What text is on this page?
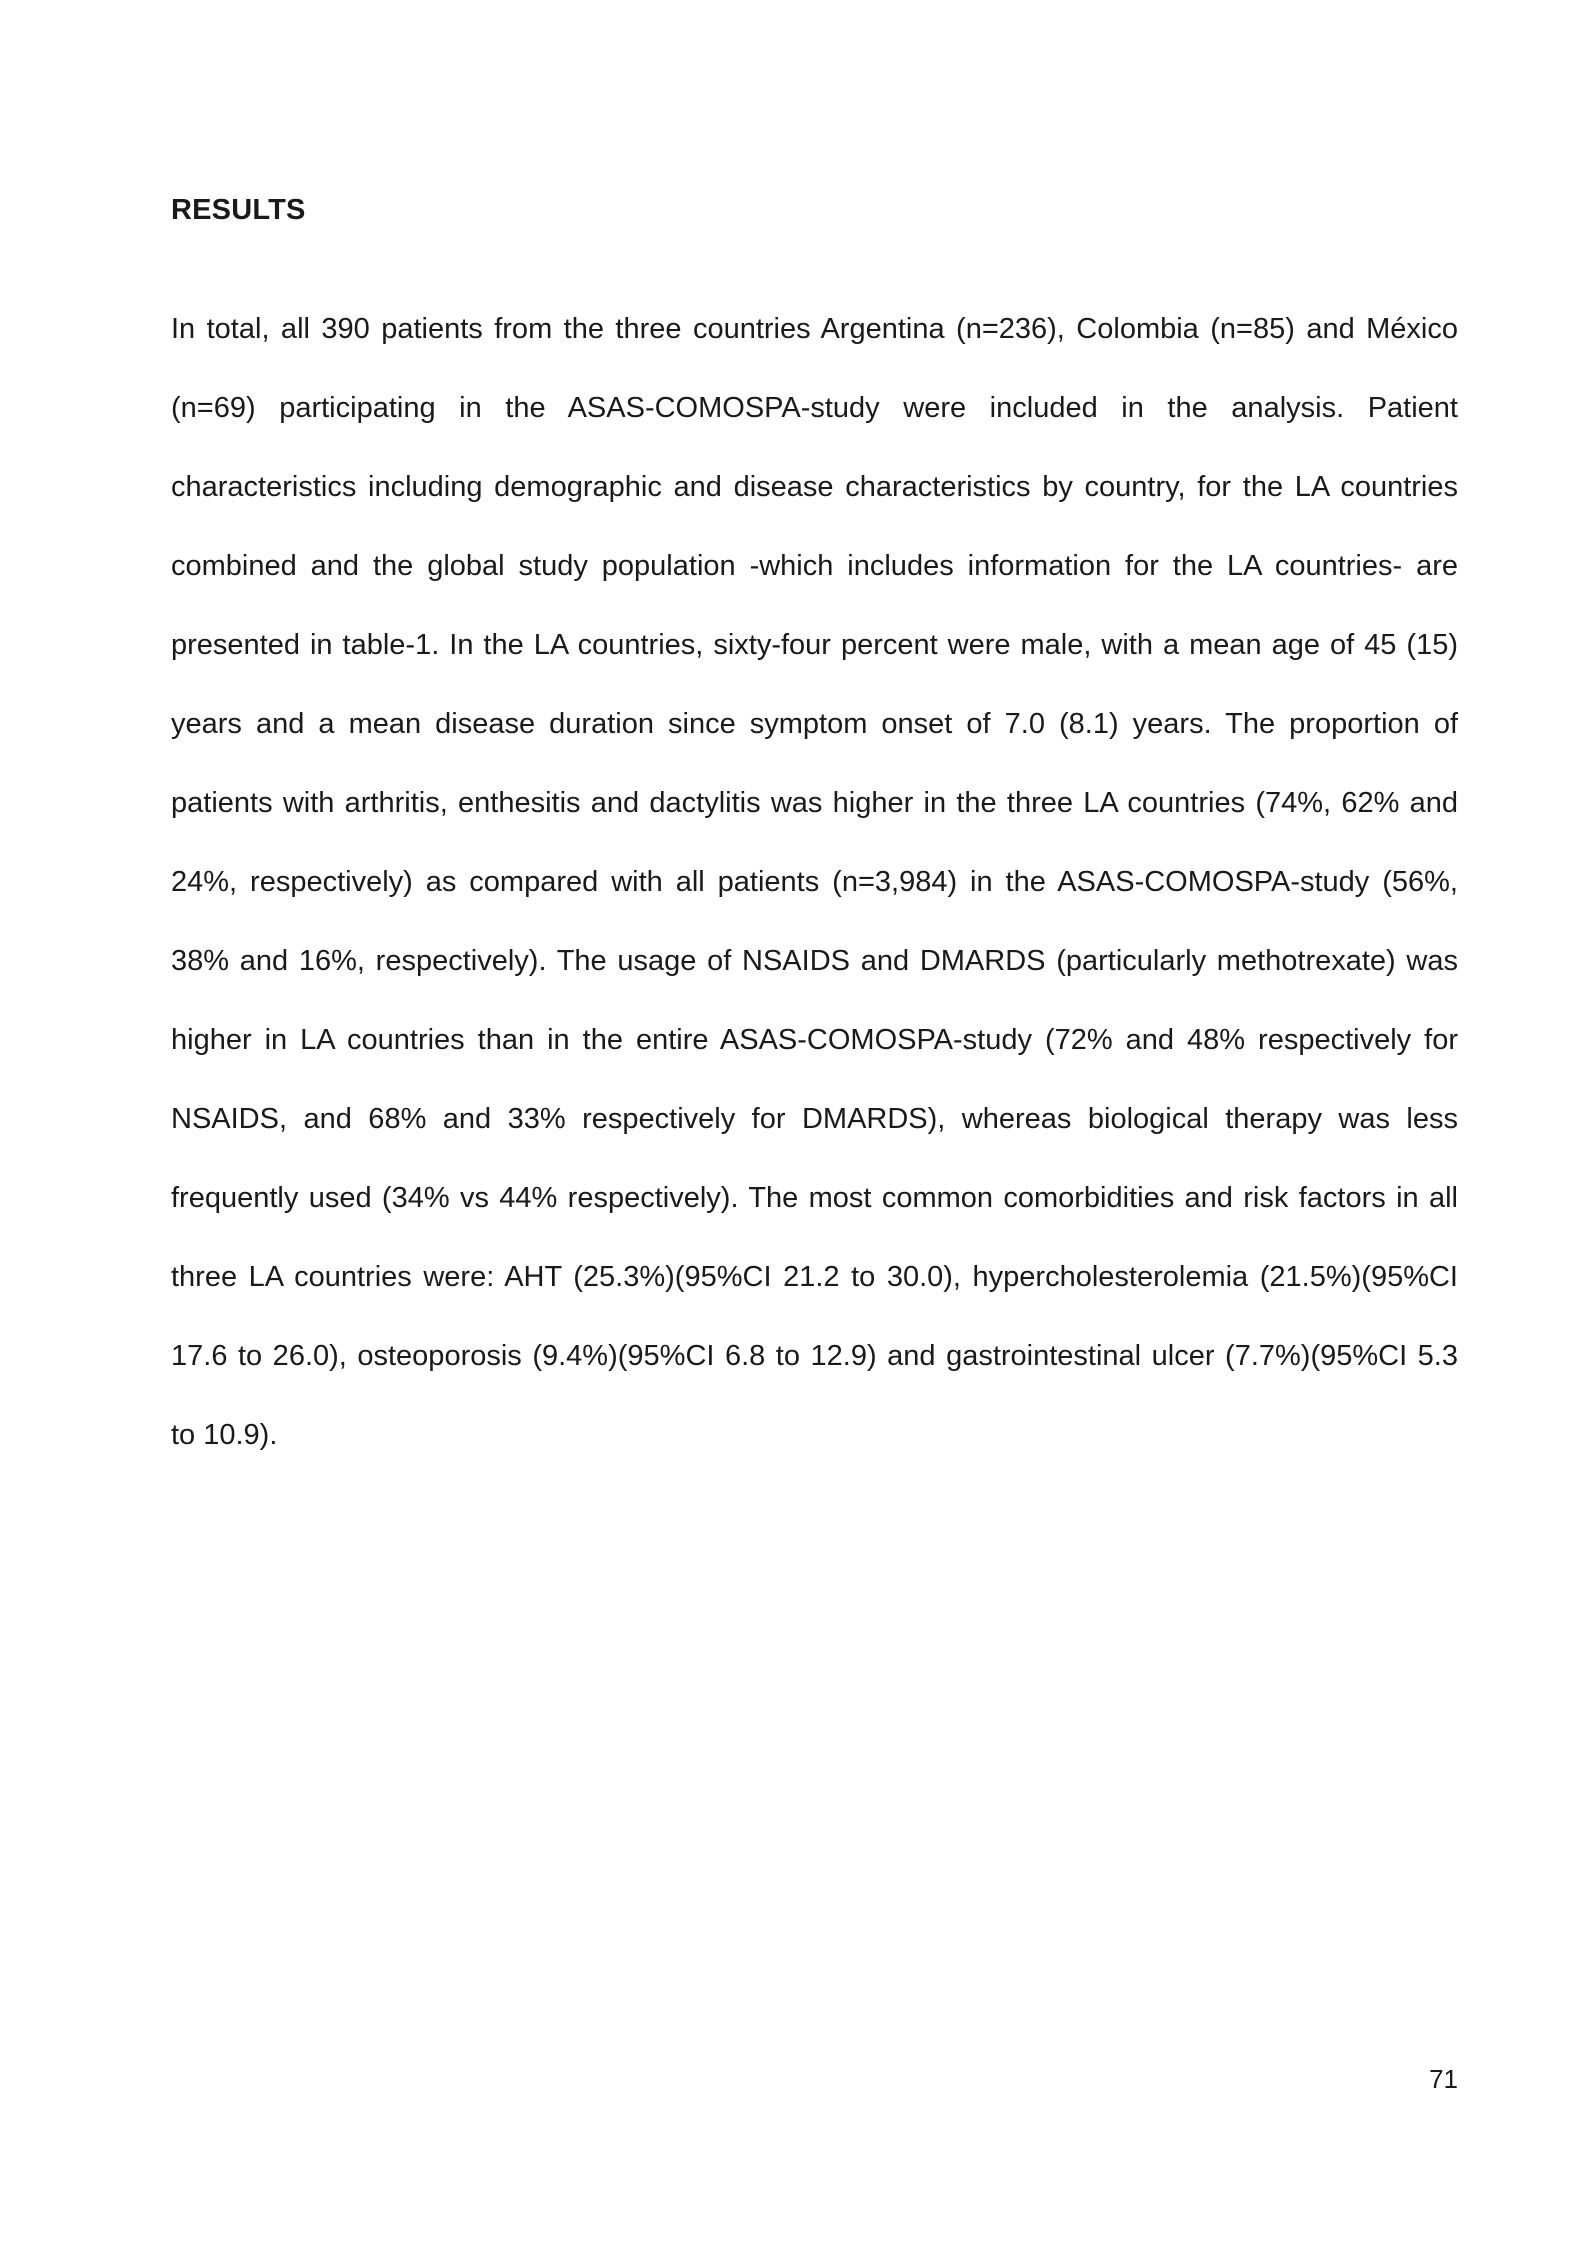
RESULTS

In total, all 390 patients from the three countries Argentina (n=236), Colombia (n=85) and México (n=69) participating in the ASAS-COMOSPA-study were included in the analysis. Patient characteristics including demographic and disease characteristics by country, for the LA countries combined and the global study population -which includes information for the LA countries- are presented in table-1. In the LA countries, sixty-four percent were male, with a mean age of 45 (15) years and a mean disease duration since symptom onset of 7.0 (8.1) years. The proportion of patients with arthritis, enthesitis and dactylitis was higher in the three LA countries (74%, 62% and 24%, respectively) as compared with all patients (n=3,984) in the ASAS-COMOSPA-study (56%, 38% and 16%, respectively). The usage of NSAIDS and DMARDS (particularly methotrexate) was higher in LA countries than in the entire ASAS-COMOSPA-study (72% and 48% respectively for NSAIDS, and 68% and 33% respectively for DMARDS), whereas biological therapy was less frequently used (34% vs 44% respectively). The most common comorbidities and risk factors in all three LA countries were: AHT (25.3%)(95%CI 21.2 to 30.0), hypercholesterolemia (21.5%)(95%CI 17.6 to 26.0), osteoporosis (9.4%)(95%CI 6.8 to 12.9) and gastrointestinal ulcer (7.7%)(95%CI 5.3 to 10.9).

71
